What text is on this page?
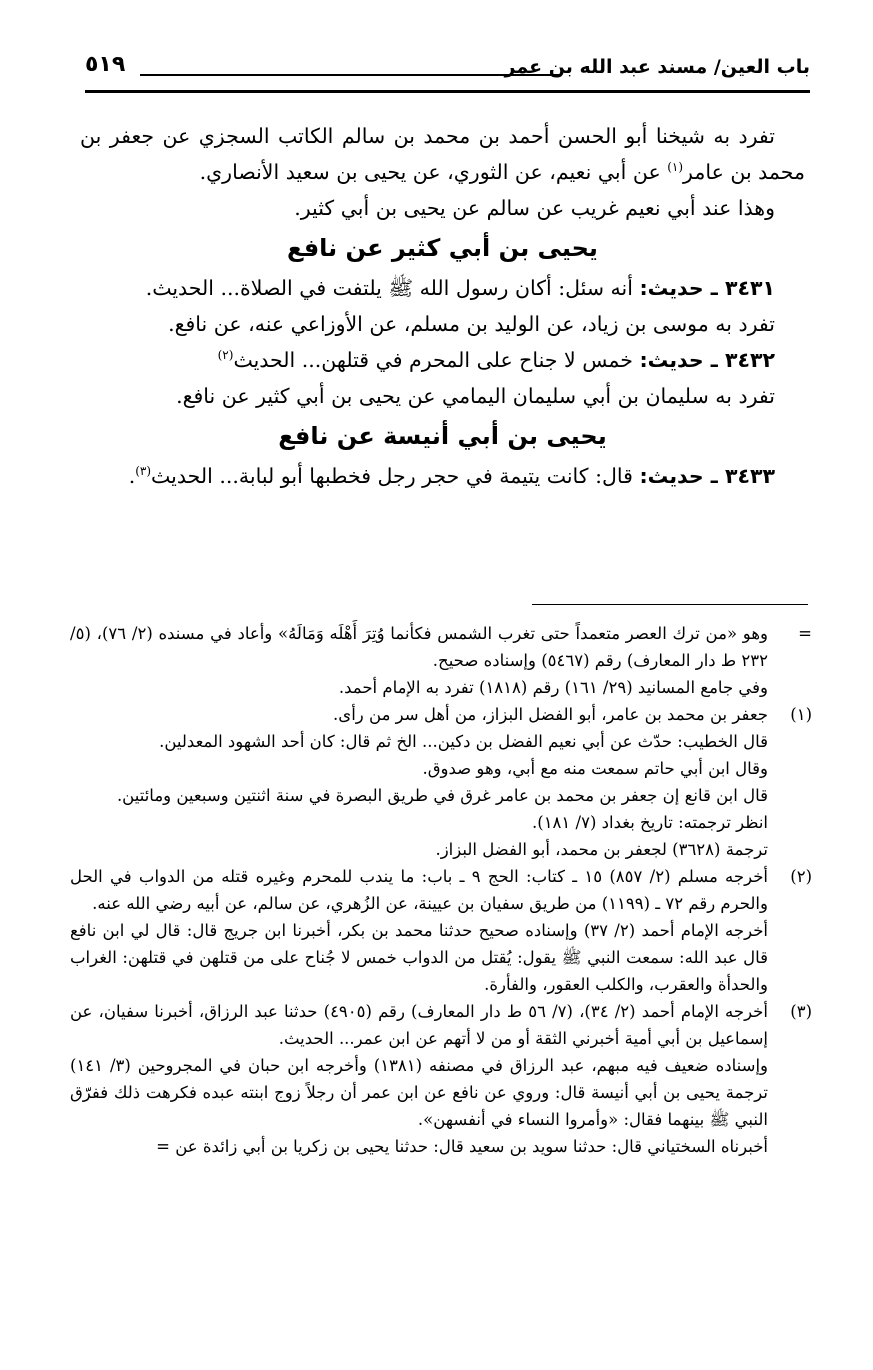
باب العين/ مسند عبد الله بن عمر
٥١٩

تفرد به شيخنا أبو الحسن أحمد بن محمد بن سالم الكاتب السجزي عن جعفر بن محمد بن عامر$^{(١)}$ عن أبي نعيم، عن الثوري، عن يحيى بن سعيد الأنصاري.

وهذا عند أبي نعيم غريب عن سالم عن يحيى بن أبي كثير.

يحيى بن أبي كثير عن نافع

٣٤٣١ ـ حديث: أنه سئل: أكان رسول الله ﷺ يلتفت في الصلاة... الحديث.

تفرد به موسى بن زياد، عن الوليد بن مسلم، عن الأوزاعي عنه، عن نافع.

٣٤٣٢ ـ حديث: خمس لا جناح على المحرم في قتلهن... الحديث$^{(٢)}$

تفرد به سليمان بن أبي سليمان اليمامي عن يحيى بن أبي كثير عن نافع.

يحيى بن أبي أنيسة عن نافع

٣٤٣٣ ـ حديث: قال: كانت يتيمة في حجر رجل فخطبها أبو لبابة... الحديث$^{(٣)}$.

=

وهو «من ترك العصر متعمداً حتى تغرب الشمس فكأنما وُتِرَ أَهْلَه وَمَالَهُ» وأعاد في مسنده (٢/ ٧٦)، (٥/ ٢٣٢ ط دار المعارف) رقم (٥٤٦٧) وإسناده صحيح.

وفي جامع المسانيد (٢٩/ ١٦١) رقم (١٨١٨) تفرد به الإمام أحمد.

(١)

جعفر بن محمد بن عامر، أبو الفضل البزاز، من أهل سر من رأى.

قال الخطيب: حدّث عن أبي نعيم الفضل بن دكين... الخ ثم قال: كان أحد الشهود المعدلين.

وقال ابن أبي حاتم سمعت منه مع أبي، وهو صدوق.

قال ابن قانع إن جعفر بن محمد بن عامر غرق في طريق البصرة في سنة اثنتين وسبعين ومائتين.

انظر ترجمته: تاريخ بغداد (٧/ ١٨١).

ترجمة (٣٦٢٨) لجعفر بن محمد، أبو الفضل البزاز.

(٢)

أخرجه مسلم (٢/ ٨٥٧) ١٥ ـ كتاب: الحج ٩ ـ باب: ما يندب للمحرم وغيره قتله من الدواب في الحل والحرم رقم ٧٢ ـ (١١٩٩) من طريق سفيان بن عيينة، عن الزُهري، عن سالم، عن أبيه رضي الله عنه.

أخرجه الإمام أحمد (٢/ ٣٧) وإسناده صحيح حدثنا محمد بن بكر، أخبرنا ابن جريج قال: قال لي ابن نافع قال عبد الله: سمعت النبي ﷺ يقول: يُقتل من الدواب خمس لا جُناح على من قتلهن في قتلهن: الغراب والحدأة والعقرب، والكلب العقور، والفأرة.

(٣)

أخرجه الإمام أحمد (٢/ ٣٤)، (٧/ ٥٦ ط دار المعارف) رقم (٤٩٠٥) حدثنا عبد الرزاق، أخبرنا سفيان، عن إسماعيل بن أبي أمية أخبرني الثقة أو من لا أتهم عن ابن عمر... الحديث.

وإسناده ضعيف فيه مبهم، عبد الرزاق في مصنفه (١٣٨١) وأخرجه ابن حبان في المجروحين (٣/ ١٤١) ترجمة يحيى بن أبي أنيسة قال: وروي عن نافع عن ابن عمر أن رجلاً زوج ابنته عبده فكرهت ذلك ففرّق النبي ﷺ بينهما فقال: «وأمروا النساء في أنفسهن».

أخبرناه السختياني قال: حدثنا سويد بن سعيد قال: حدثنا يحيى بن زكريا بن أبي زائدة عن =
